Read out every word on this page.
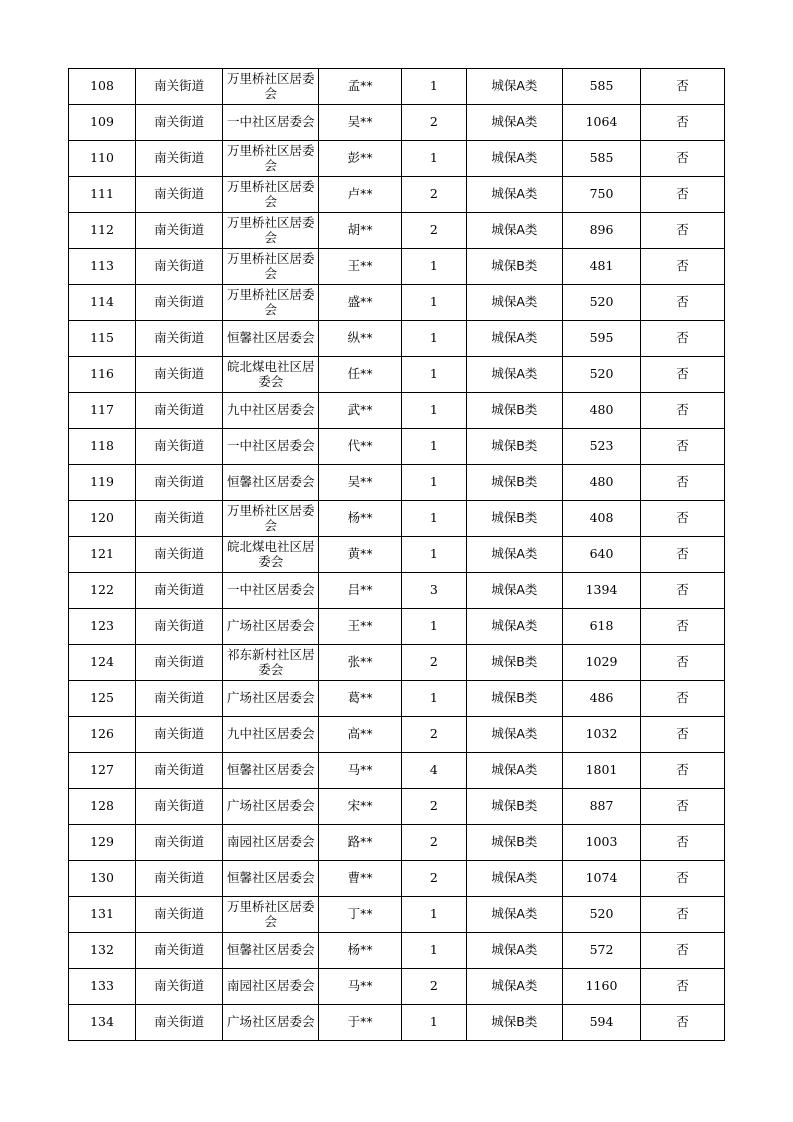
108	南关街道	万里桥社区居委会	孟**	1	城保A类	585	否
109	南关街道	一中社区居委会	吴**	2	城保A类	1064	否
110	南关街道	万里桥社区居委会	彭**	1	城保A类	585	否
111	南关街道	万里桥社区居委会	卢**	2	城保A类	750	否
112	南关街道	万里桥社区居委会	胡**	2	城保A类	896	否
113	南关街道	万里桥社区居委会	王**	1	城保B类	481	否
114	南关街道	万里桥社区居委会	盛**	1	城保A类	520	否
115	南关街道	恒馨社区居委会	纵**	1	城保A类	595	否
116	南关街道	皖北煤电社区居委会	任**	1	城保A类	520	否
117	南关街道	九中社区居委会	武**	1	城保B类	480	否
118	南关街道	一中社区居委会	代**	1	城保B类	523	否
119	南关街道	恒馨社区居委会	吴**	1	城保B类	480	否
120	南关街道	万里桥社区居委会	杨**	1	城保B类	408	否
121	南关街道	皖北煤电社区居委会	黄**	1	城保A类	640	否
122	南关街道	一中社区居委会	吕**	3	城保A类	1394	否
123	南关街道	广场社区居委会	王**	1	城保A类	618	否
124	南关街道	祁东新村社区居委会	张**	2	城保B类	1029	否
125	南关街道	广场社区居委会	葛**	1	城保B类	486	否
126	南关街道	九中社区居委会	高**	2	城保A类	1032	否
127	南关街道	恒馨社区居委会	马**	4	城保A类	1801	否
128	南关街道	广场社区居委会	宋**	2	城保B类	887	否
129	南关街道	南园社区居委会	路**	2	城保B类	1003	否
130	南关街道	恒馨社区居委会	曹**	2	城保A类	1074	否
131	南关街道	万里桥社区居委会	丁**	1	城保A类	520	否
132	南关街道	恒馨社区居委会	杨**	1	城保A类	572	否
133	南关街道	南园社区居委会	马**	2	城保A类	1160	否
134	南关街道	广场社区居委会	于**	1	城保B类	594	否
